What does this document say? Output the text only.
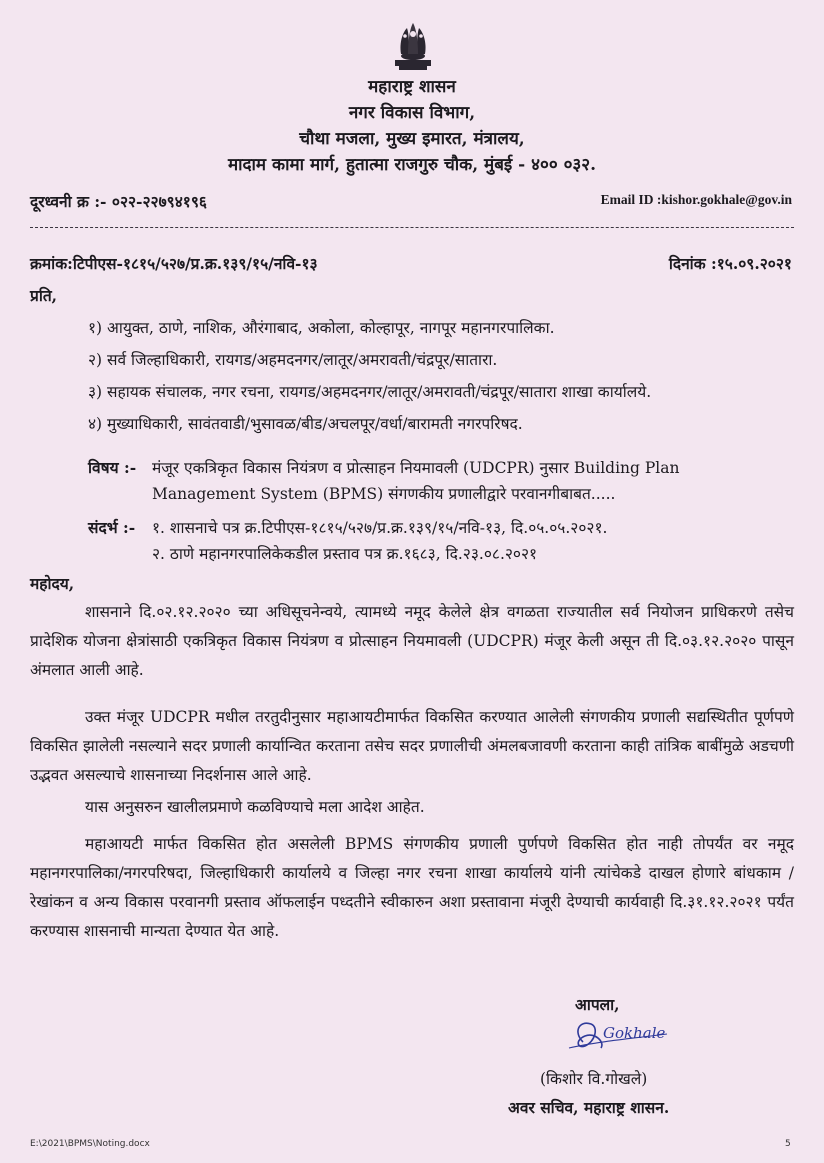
महाराष्ट्र शासन
नगर विकास विभाग,
चौथा मजला, मुख्य इमारत, मंत्रालय,
मादाम कामा मार्ग, हुतात्मा राजगुरु चौक, मुंबई - ४०० ०३२.
दूरध्वनी क्र :- ०२२-२२७९४१९६	Email ID :kishor.gokhale@gov.in
क्रमांक:टिपीएस-१८१५/५२७/प्र.क्र.१३९/१५/नवि-१३	दिनांक :१५.०९.२०२१
प्रति,
१) आयुक्त, ठाणे, नाशिक, औरंगाबाद, अकोला, कोल्हापूर, नागपूर महानगरपालिका.
२) सर्व जिल्हाधिकारी, रायगड/अहमदनगर/लातूर/अमरावती/चंद्रपूर/सातारा.
३) सहायक संचालक, नगर रचना, रायगड/अहमदनगर/लातूर/अमरावती/चंद्रपूर/सातारा शाखा कार्यालये.
४) मुख्याधिकारी, सावंतवाडी/भुसावळ/बीड/अचलपूर/वर्धा/बारामती नगरपरिषद.
विषय :- मंजूर एकत्रिकृत विकास नियंत्रण व प्रोत्साहन नियमावली (UDCPR) नुसार Building Plan
Management System (BPMS) संगणकीय प्रणालीद्वारे परवानगीबाबत.....
संदर्भ :- १. शासनाचे पत्र क्र.टिपीएस-१८१५/५२७/प्र.क्र.१३९/१५/नवि-१३, दि.०५.०५.२०२१.
२. ठाणे महानगरपालिकेकडील प्रस्ताव पत्र क्र.१६८३, दि.२३.०८.२०२१
महोदय,
शासनाने दि.०२.१२.२०२० च्या अधिसूचनेन्वये, त्यामध्ये नमूद केलेले क्षेत्र वगळता राज्यातील सर्व नियोजन प्राधिकरणे तसेच प्रादेशिक योजना क्षेत्रांसाठी एकत्रिकृत विकास नियंत्रण व प्रोत्साहन नियमावली (UDCPR) मंजूर केली असून ती दि.०३.१२.२०२० पासून अंमलात आली आहे.
उक्त मंजूर UDCPR मधील तरतुदीनुसार महाआयटीमार्फत विकसित करण्यात आलेली संगणकीय प्रणाली सद्यस्थितीत पूर्णपणे विकसित झालेली नसल्याने सदर प्रणाली कार्यान्वित करताना तसेच सदर प्रणालीची अंमलबजावणी करताना काही तांत्रिक बाबींमुळे अडचणी उद्भवत असल्याचे शासनाच्या निदर्शनास आले आहे.
यास अनुसरुन खालीलप्रमाणे कळविण्याचे मला आदेश आहेत.
महाआयटी मार्फत विकसित होत असलेली BPMS संगणकीय प्रणाली पुर्णपणे विकसित होत नाही तोपर्यंत वर नमूद महानगरपालिका/नगरपरिषदा, जिल्हाधिकारी कार्यालये व जिल्हा नगर रचना शाखा कार्यालये यांनी त्यांचेकडे दाखल होणारे बांधकाम / रेखांकन व अन्य विकास परवानगी प्रस्ताव ऑफलाईन पध्दतीने स्वीकारुन अशा प्रस्तावाना मंजूरी देण्याची कार्यवाही दि.३१.१२.२०२१ पर्यंत करण्यास शासनाची मान्यता देण्यात येत आहे.
आपला,
Gokhale
(किशोर वि.गोखले)
अवर सचिव, महाराष्ट्र शासन.
E:\2021\BPMS\Noting.docx	5
